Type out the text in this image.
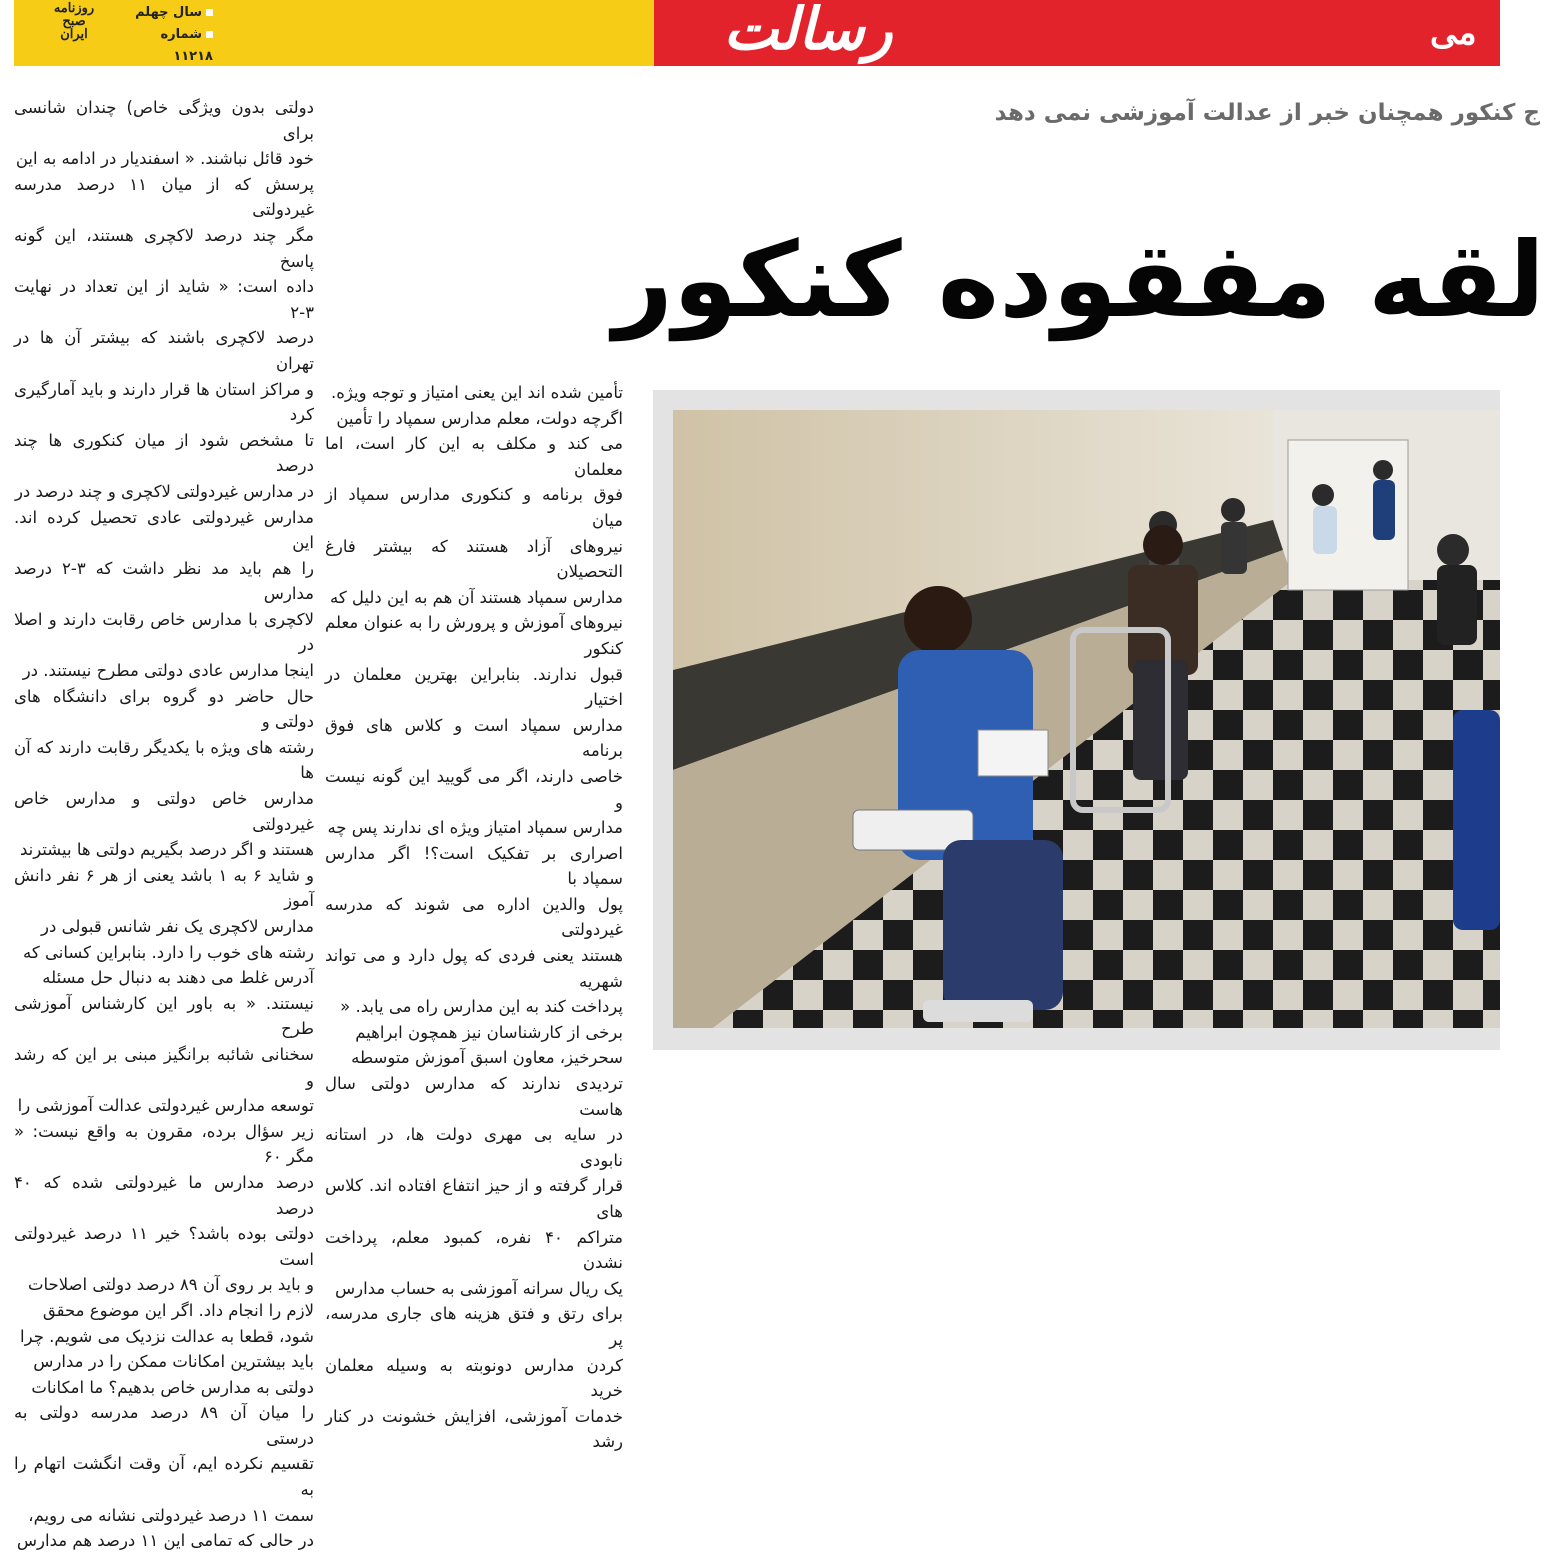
روزنامه
صبح
ایران
سال چهلم
شماره ۱۱۲۱۸	رسالت	می
ج کنکور همچنان خبر از عدالت آموزشی نمی دهد
لقه مفقوده کنکور

دولتی بدون ویژگی خاص) چندان شانسی برای

خود قائل نباشند. « اسفندیار در ادامه به این

پرسش که از میان ۱۱ درصد مدرسه غیردولتی

مگر چند درصد لاکچری هستند، این گونه پاسخ

داده است: « شاید از این تعداد در نهایت ۳-۲

درصد لاکچری باشند که بیشتر آن ها در تهران

و مراکز استان ها قرار دارند و باید آمارگیری کرد

تا مشخص شود از میان کنکوری ها چند درصد

در مدارس غیردولتی لاکچری و چند درصد در

مدارس غیردولتی عادی تحصیل کرده اند. این

را هم باید مد نظر داشت که ۳-۲ درصد مدارس

لاکچری با مدارس خاص رقابت دارند و اصلا در

اینجا مدارس عادی دولتی مطرح نیستند. در

حال حاضر دو گروه برای دانشگاه های دولتی و

رشته های ویژه با یکدیگر رقابت دارند که آن ها

مدارس خاص دولتی و مدارس خاص غیردولتی

هستند و اگر درصد بگیریم دولتی ها بیشترند

و شاید ۶ به ۱ باشد یعنی از هر ۶ نفر دانش آموز

مدارس لاکچری یک نفر شانس قبولی در

رشته های خوب را دارد. بنابراین کسانی که

آدرس غلط می دهند به دنبال حل مسئله

نیستند. « به باور این کارشناس آموزشی طرح

سخنانی شائبه برانگیز مبنی بر این که رشد و

توسعه مدارس غیردولتی عدالت آموزشی را

زیر سؤال برده، مقرون به واقع نیست: « مگر ۶۰

درصد مدارس ما غیردولتی شده که ۴۰ درصد

دولتی بوده باشد؟ خیر ۱۱ درصد غیردولتی است

و باید بر روی آن ۸۹ درصد دولتی اصلاحات

لازم را انجام داد. اگر این موضوع محقق

شود، قطعا به عدالت نزدیک می شویم. چرا

باید بیشترین امکانات ممکن را در مدارس

دولتی به مدارس خاص بدهیم؟ ما امکانات

را میان آن ۸۹ درصد مدرسه دولتی به درستی

تقسیم نکرده ایم، آن وقت انگشت اتهام را به

سمت ۱۱ درصد غیردولتی نشانه می رویم،

در حالی که تمامی این ۱۱ درصد هم مدارس

تأمین شده اند این یعنی امتیاز و توجه ویژه.

اگرچه دولت، معلم مدارس سمپاد را تأمین

می کند و مکلف به این کار است، اما معلمان

فوق برنامه و کنکوری مدارس سمپاد از میان

نیروهای آزاد هستند که بیشتر فارغ التحصیلان

مدارس سمپاد هستند آن هم به این دلیل که

نیروهای آموزش و پرورش را به عنوان معلم کنکور

قبول ندارند. بنابراین بهترین معلمان در اختیار

مدارس سمپاد است و کلاس های فوق برنامه

خاصی دارند، اگر می گویید این گونه نیست و

مدارس سمپاد امتیاز ویژه ای ندارند پس چه

اصراری بر تفکیک است؟! اگر مدارس سمپاد با

پول والدین اداره می شوند که مدرسه غیردولتی

هستند یعنی فردی که پول دارد و می تواند شهریه

پرداخت کند به این مدارس راه می یابد. «

برخی از کارشناسان نیز همچون ابراهیم

سحرخیز، معاون اسبق آموزش متوسطه

تردیدی ندارند که مدارس دولتی سال هاست

در سایه بی مهری دولت ها، در استانه نابودی

قرار گرفته و از حیز انتفاع افتاده اند. کلاس های

متراکم ۴۰ نفره، کمبود معلم، پرداخت نشدن

یک ریال سرانه آموزشی به حساب مدارس

برای رتق و فتق هزینه های جاری مدرسه، پر

کردن مدارس دونوبته به وسیله معلمان خرید

خدمات آموزشی، افزایش خشونت در کنار رشد
